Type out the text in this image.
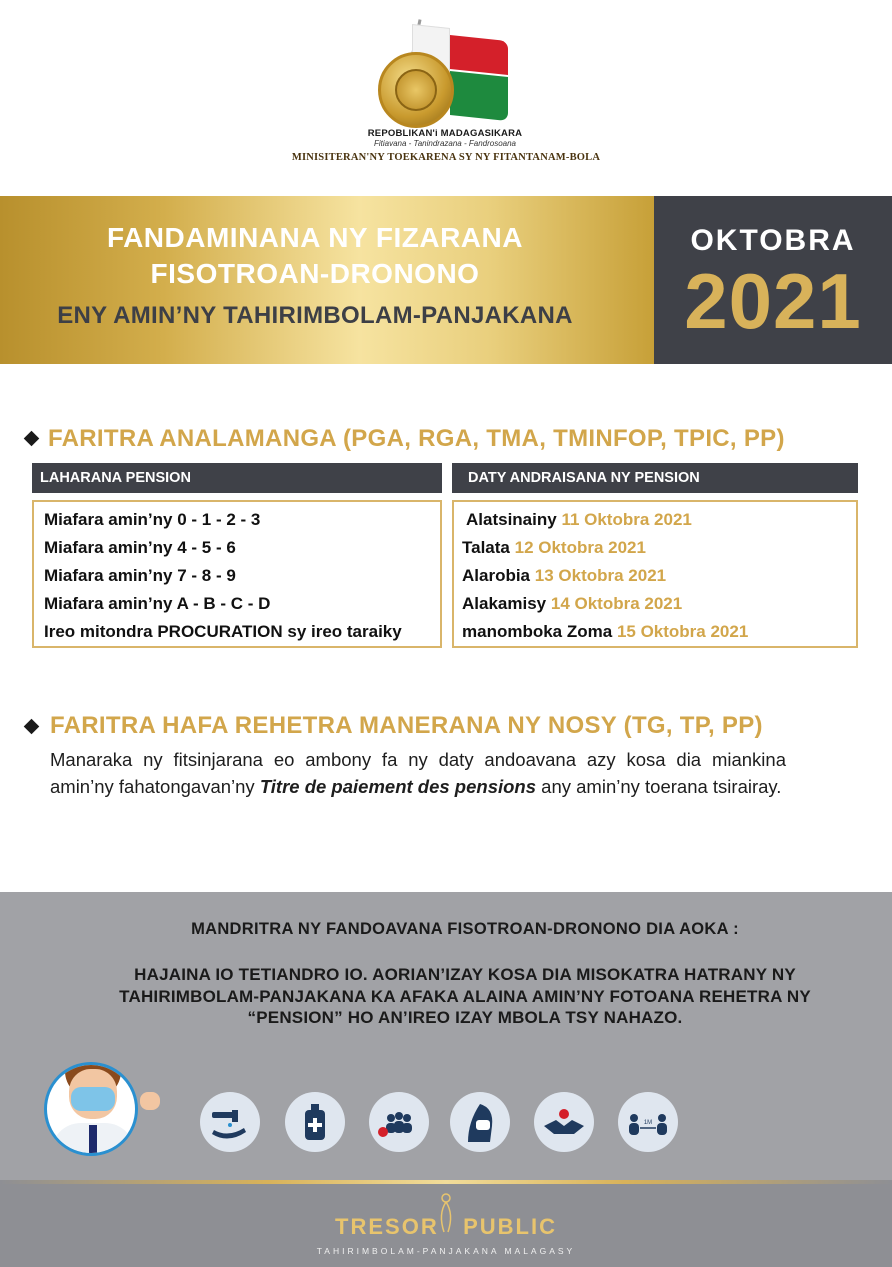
REPOBLIKAN'i MADAGASIKARA
Fitiavana - Tanindrazana - Fandrosoana
MINISITERAN'NY TOEKARENA SY NY FITANTANAM-BOLA
FANDAMINANA NY FIZARANA
FISOTROAN-DRONONO
ENY AMIN’NY TAHIRIMBOLAM-PANJAKANA
OKTOBRA
2021
FARITRA ANALAMANGA (PGA, RGA, TMA, TMINFOP, TPIC, PP)
LAHARANA PENSION	DATY ANDRAISANA NY PENSION
Miafara amin’ny 0 - 1 - 2 - 3
Miafara amin’ny 4 - 5 - 6
Miafara amin’ny 7 - 8 - 9
Miafara amin’ny A - B - C - D
Ireo mitondra PROCURATION sy ireo taraiky
Alatsinainy 11 Oktobra 2021
Talata 12 Oktobra 2021
Alarobia 13 Oktobra 2021
Alakamisy 14 Oktobra 2021
manomboka Zoma 15 Oktobra 2021
FARITRA HAFA REHETRA MANERANA NY NOSY (TG, TP, PP)
Manaraka ny fitsinjarana eo ambony fa ny daty andoavana azy kosa dia miankina amin’ny fahatongavan’ny Titre de paiement des pensions any amin’ny toerana tsirairay.
MANDRITRA NY FANDOAVANA FISOTROAN-DRONONO DIA AOKA :
HAJAINA IO TETIANDRO IO. AORIAN’IZAY KOSA DIA MISOKATRA HATRANY NY TAHIRIMBOLAM-PANJAKANA KA AFAKA ALAINA AMIN’NY FOTOANA REHETRA NY “PENSION” HO AN’IREO IZAY MBOLA TSY NAHAZO.
1M
TRESOR PUBLIC
TAHIRIMBOLAM-PANJAKANA MALAGASY
